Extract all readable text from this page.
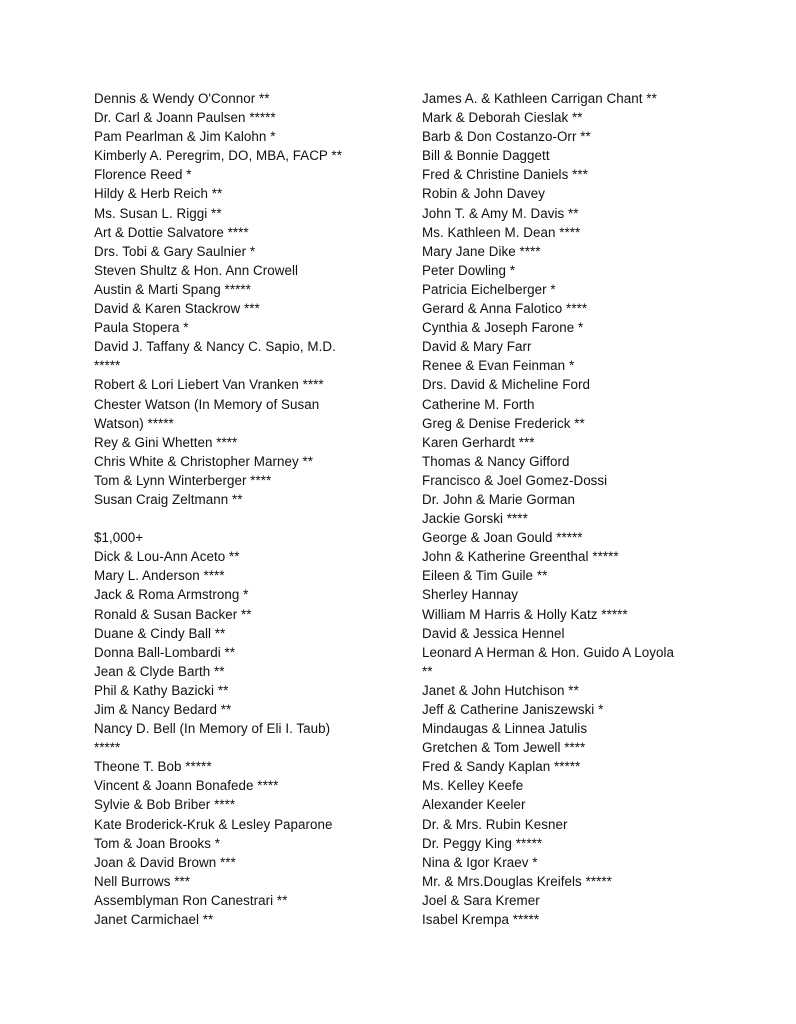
Dennis & Wendy O'Connor **
Dr. Carl & Joann Paulsen *****
Pam Pearlman & Jim Kalohn *
Kimberly A. Peregrim, DO, MBA, FACP **
Florence Reed *
Hildy & Herb Reich **
Ms. Susan L. Riggi **
Art & Dottie Salvatore ****
Drs. Tobi & Gary Saulnier *
Steven Shultz & Hon. Ann Crowell
Austin & Marti Spang *****
David & Karen Stackrow ***
Paula Stopera *
David J. Taffany & Nancy C. Sapio, M.D.
*****
Robert & Lori Liebert Van Vranken ****
Chester Watson (In Memory of Susan
Watson) *****
Rey & Gini Whetten ****
Chris White & Christopher Marney **
Tom & Lynn Winterberger ****
Susan Craig Zeltmann **
$1,000+
Dick & Lou-Ann Aceto **
Mary L. Anderson ****
Jack & Roma Armstrong *
Ronald & Susan Backer **
Duane & Cindy Ball **
Donna Ball-Lombardi **
Jean & Clyde Barth **
Phil & Kathy Bazicki **
Jim & Nancy Bedard **
Nancy D. Bell (In Memory of Eli I. Taub)
*****
Theone T. Bob *****
Vincent & Joann Bonafede ****
Sylvie & Bob Briber ****
Kate Broderick-Kruk & Lesley Paparone
Tom & Joan Brooks *
Joan & David Brown ***
Nell Burrows ***
Assemblyman Ron Canestrari **
Janet Carmichael **
James A. & Kathleen Carrigan Chant **
Mark & Deborah Cieslak **
Barb & Don Costanzo-Orr **
Bill & Bonnie Daggett
Fred & Christine Daniels ***
Robin & John Davey
John T. & Amy M. Davis **
Ms. Kathleen M. Dean ****
Mary Jane Dike ****
Peter Dowling *
Patricia Eichelberger *
Gerard & Anna Falotico ****
Cynthia & Joseph Farone *
David & Mary Farr
Renee & Evan Feinman *
Drs. David & Micheline Ford
Catherine M. Forth
Greg & Denise Frederick **
Karen Gerhardt ***
Thomas & Nancy Gifford
Francisco & Joel Gomez-Dossi
Dr. John & Marie Gorman
Jackie Gorski ****
George & Joan Gould *****
John & Katherine Greenthal *****
Eileen & Tim Guile **
Sherley Hannay
William M Harris & Holly Katz *****
David & Jessica Hennel
Leonard A Herman & Hon. Guido A Loyola
**
Janet & John Hutchison **
Jeff & Catherine Janiszewski *
Mindaugas & Linnea Jatulis
Gretchen & Tom Jewell ****
Fred & Sandy Kaplan *****
Ms. Kelley Keefe
Alexander Keeler
Dr. & Mrs. Rubin Kesner
Dr. Peggy King *****
Nina & Igor Kraev *
Mr. & Mrs.Douglas Kreifels *****
Joel & Sara Kremer
Isabel Krempa *****
